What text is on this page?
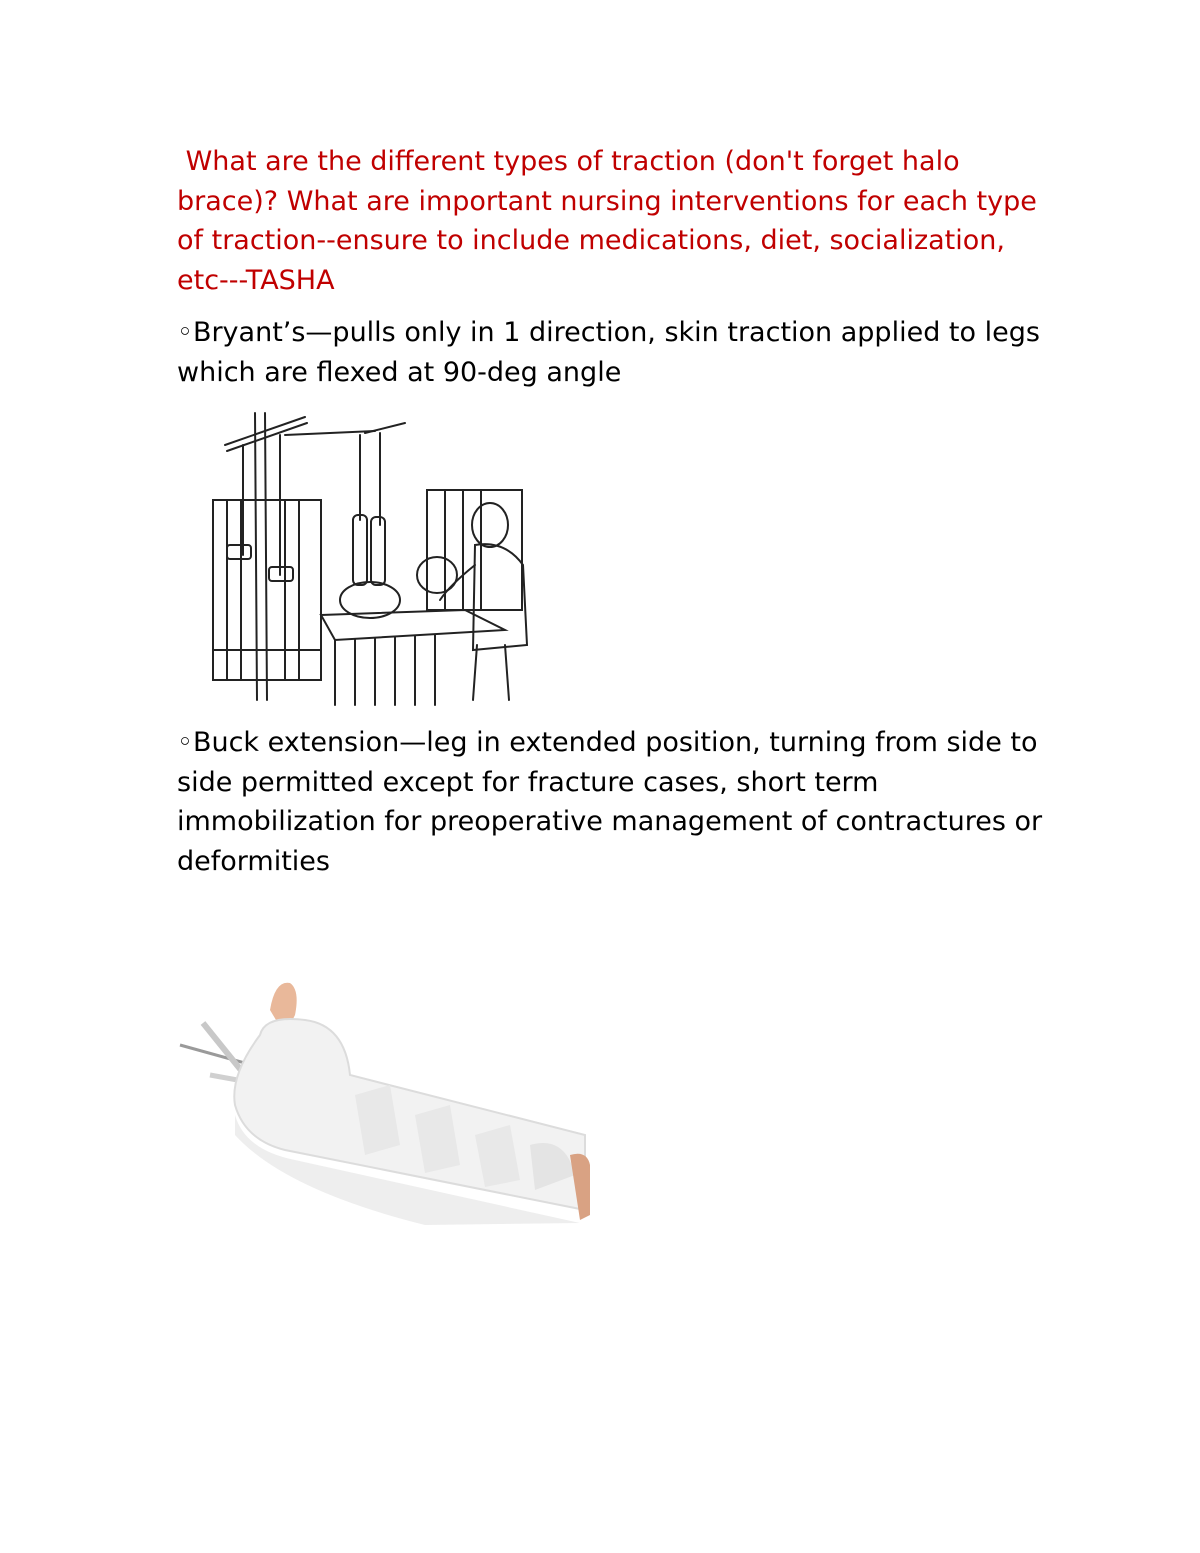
What are the different types of traction (don't forget halo brace)? What are important nursing interventions for each type of traction--ensure to include medications, diet, socialization, etc---TASHA

◦Bryant’s—pulls only in 1 direction, skin traction applied to legs which are flexed at 90-deg angle

◦Buck extension—leg in extended position, turning from side to side permitted except for fracture cases, short term immobilization for preoperative management of contractures or deformities
